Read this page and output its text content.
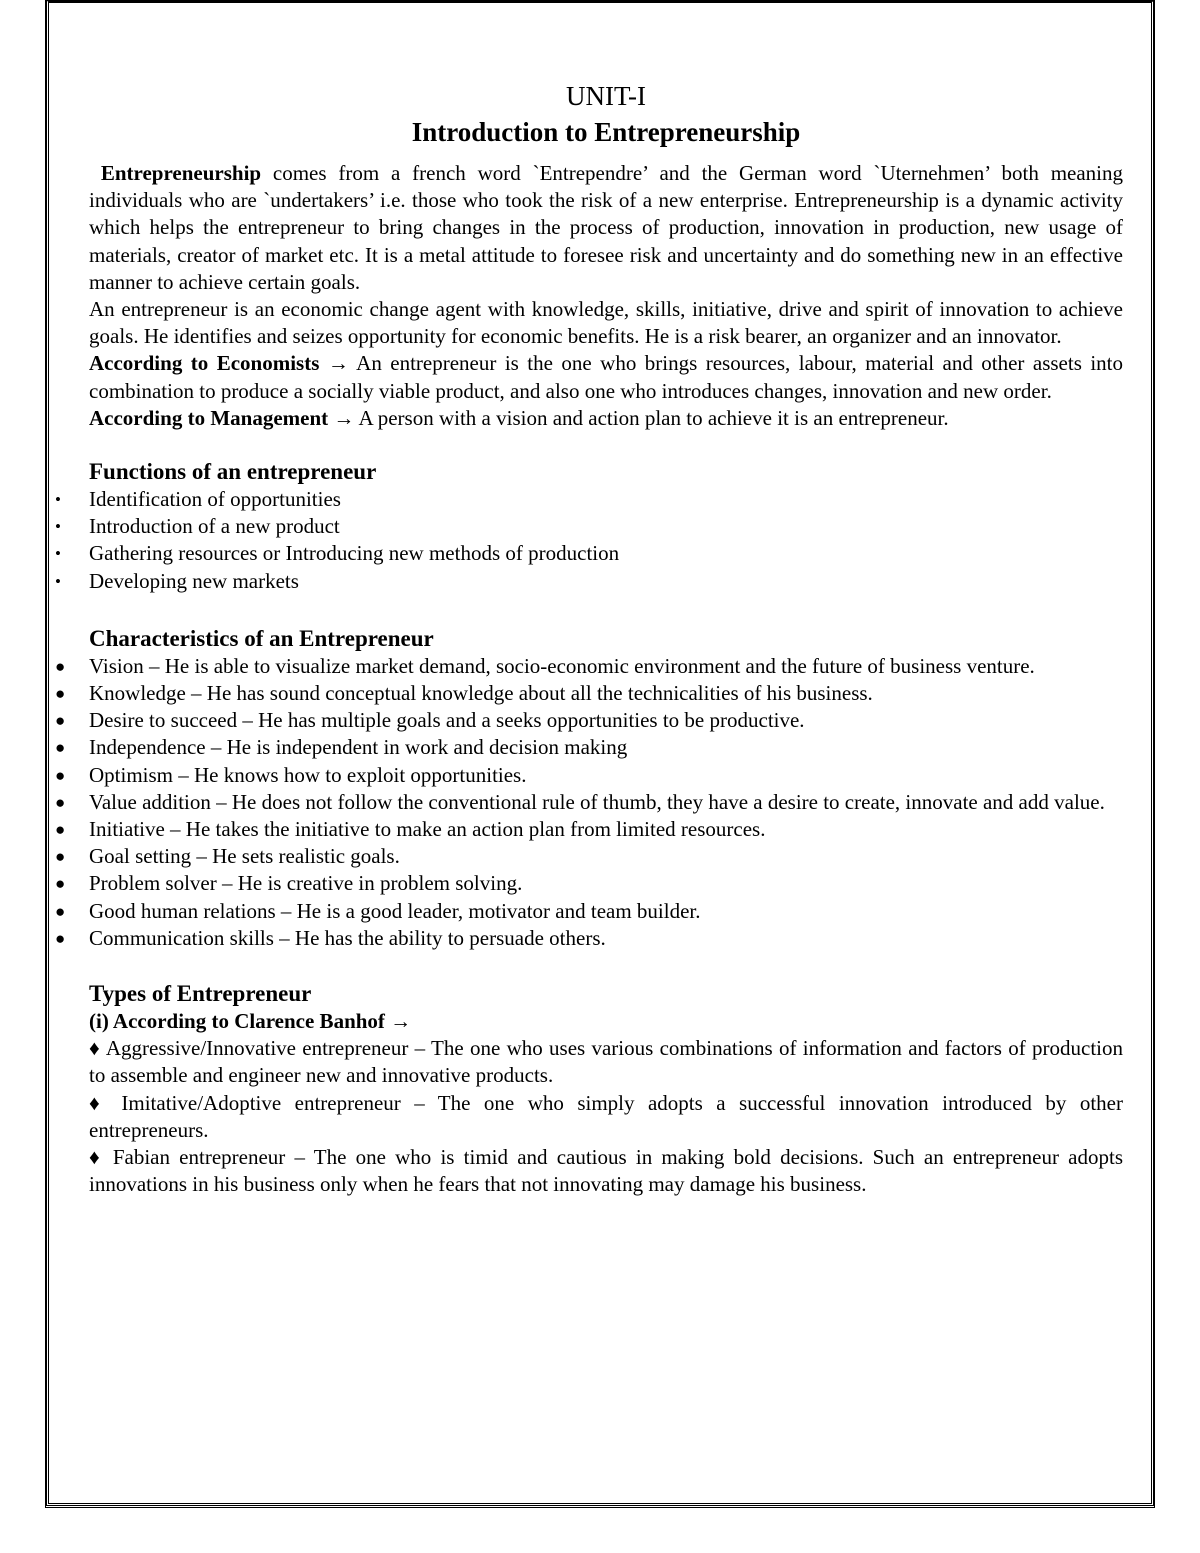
UNIT-I

Introduction to Entrepreneurship

Entrepreneurship comes from a french word `Entrependre’ and the German word `Uternehmen’ both meaning individuals who are `undertakers’ i.e. those who took the risk of a new enterprise. Entrepreneurship is a dynamic activity which helps the entrepreneur to bring changes in the process of production, innovation in production, new usage of materials, creator of market etc. It is a metal attitude to foresee risk and uncertainty and do something new in an effective manner to achieve certain goals.

An entrepreneur is an economic change agent with knowledge, skills, initiative, drive and spirit of innovation to achieve goals. He identifies and seizes opportunity for economic benefits. He is a risk bearer, an organizer and an innovator.

According to Economists → An entrepreneur is the one who brings resources, labour, material and other assets into combination to produce a socially viable product, and also one who introduces changes, innovation and new order.

According to Management → A person with a vision and action plan to achieve it is an entrepreneur.

Functions of an entrepreneur
• Identification of opportunities
• Introduction of a new product
• Gathering resources or Introducing new methods of production
• Developing new markets
Characteristics of an Entrepreneur
● Vision – He is able to visualize market demand, socio-economic environment and the future of business venture.
● Knowledge – He has sound conceptual knowledge about all the technicalities of his business.
● Desire to succeed – He has multiple goals and a seeks opportunities to be productive.
● Independence – He is independent in work and decision making
● Optimism – He knows how to exploit opportunities.
● Value addition – He does not follow the conventional rule of thumb, they have a desire to create, innovate and add value.
● Initiative – He takes the initiative to make an action plan from limited resources.
● Goal setting – He sets realistic goals.
● Problem solver – He is creative in problem solving.
● Good human relations – He is a good leader, motivator and team builder.
● Communication skills – He has the ability to persuade others.
Types of Entrepreneur

(i) According to Clarence Banhof →

♦ Aggressive/Innovative entrepreneur – The one who uses various combinations of information and factors of production to assemble and engineer new and innovative products.

♦ Imitative/Adoptive entrepreneur – The one who simply adopts a successful innovation introduced by other entrepreneurs.

♦ Fabian entrepreneur – The one who is timid and cautious in making bold decisions. Such an entrepreneur adopts innovations in his business only when he fears that not innovating may damage his business.
